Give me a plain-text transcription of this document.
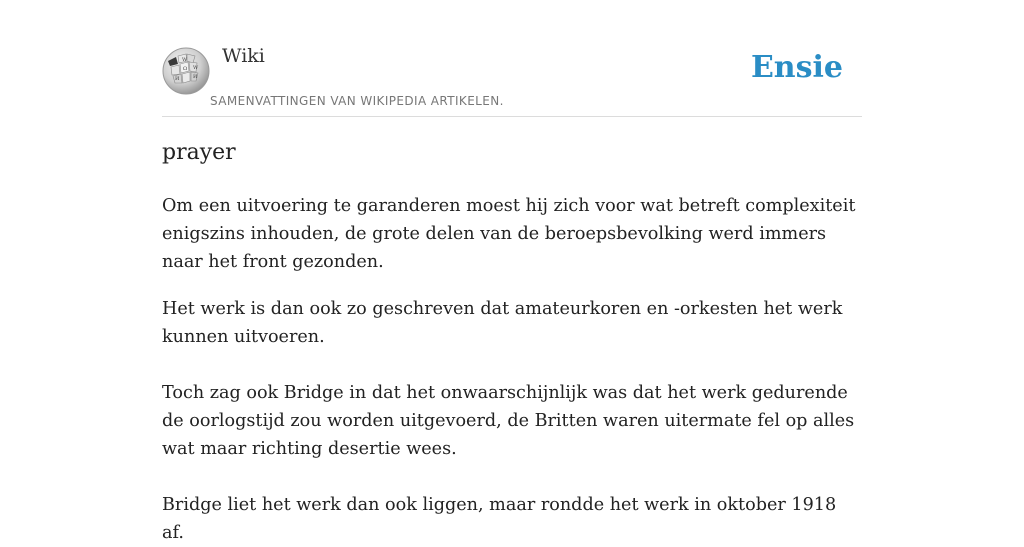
W
Ω W
Ѝ	Ѝ
Wiki
SAMENVATTINGEN VAN WIKIPEDIA ARTIKELEN.
Ensie
prayer

Om een uitvoering te garanderen moest hij zich voor wat betreft complexiteit enigszins inhouden, de grote delen van de beroepsbevolking werd immers naar het front gezonden.

Het werk is dan ook zo geschreven dat amateurkoren en -orkesten het werk kunnen uitvoeren.

Toch zag ook Bridge in dat het onwaarschijnlijk was dat het werk gedurende de oorlogstijd zou worden uitgevoerd, de Britten waren uitermate fel op alles wat maar richting desertie wees.

Bridge liet het werk dan ook liggen, maar rondde het werk in oktober 1918 af.
